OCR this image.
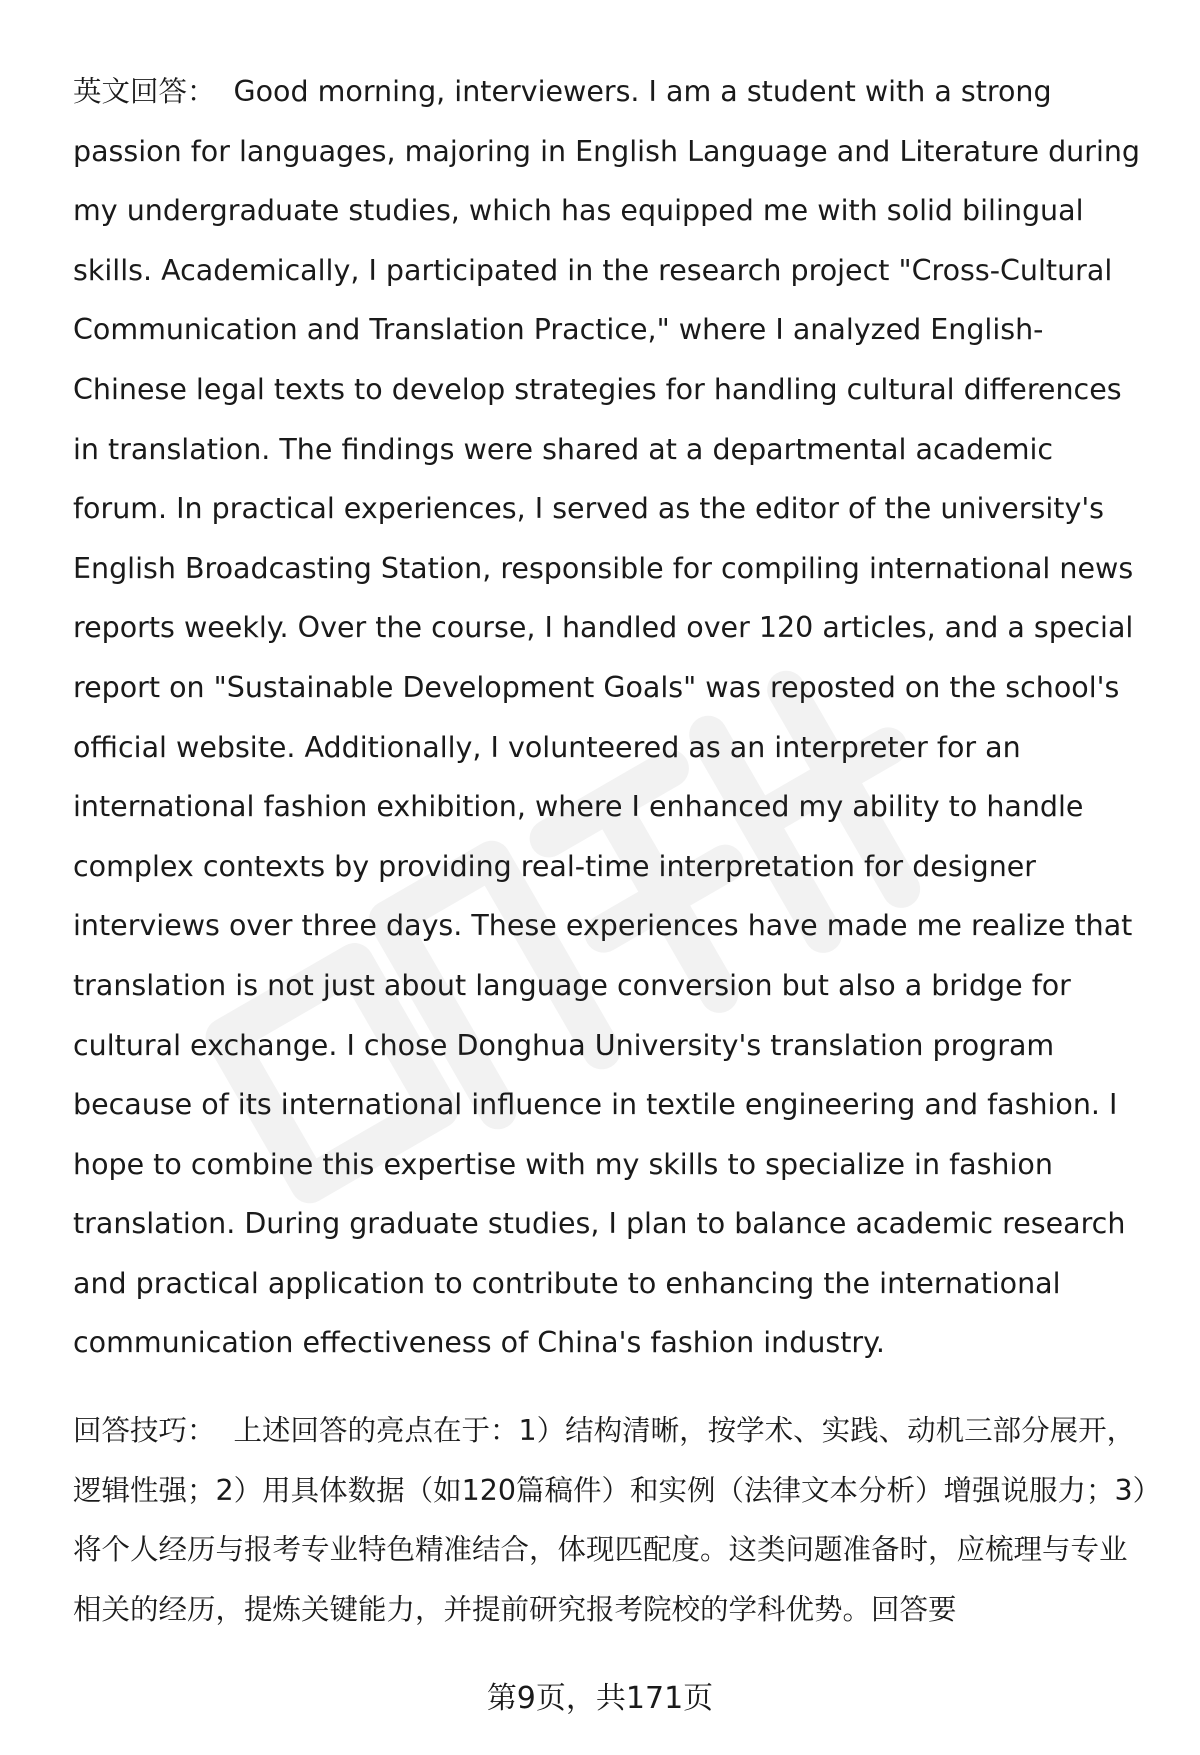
英文回答： Good morning, interviewers. I am a student with a strong passion for languages, majoring in English Language and Literature during my undergraduate studies, which has equipped me with solid bilingual skills. Academically, I participated in the research project "Cross-Cultural Communication and Translation Practice," where I analyzed English-Chinese legal texts to develop strategies for handling cultural differences in translation. The findings were shared at a departmental academic forum. In practical experiences, I served as the editor of the university's English Broadcasting Station, responsible for compiling international news reports weekly. Over the course, I handled over 120 articles, and a special report on "Sustainable Development Goals" was reposted on the school's official website. Additionally, I volunteered as an interpreter for an international fashion exhibition, where I enhanced my ability to handle complex contexts by providing real-time interpretation for designer interviews over three days. These experiences have made me realize that translation is not just about language conversion but also a bridge for cultural exchange. I chose Donghua University's translation program because of its international influence in textile engineering and fashion. I hope to combine this expertise with my skills to specialize in fashion translation. During graduate studies, I plan to balance academic research and practical application to contribute to enhancing the international communication effectiveness of China's fashion industry.

回答技巧： 上述回答的亮点在于：1）结构清晰，按学术、实践、动机三部分展开，逻辑性强；2）用具体数据（如120篇稿件）和实例（法律文本分析）增强说服力；3）将个人经历与报考专业特色精准结合，体现匹配度。这类问题准备时，应梳理与专业相关的经历，提炼关键能力，并提前研究报考院校的学科优势。回答要

第9页，共171页
